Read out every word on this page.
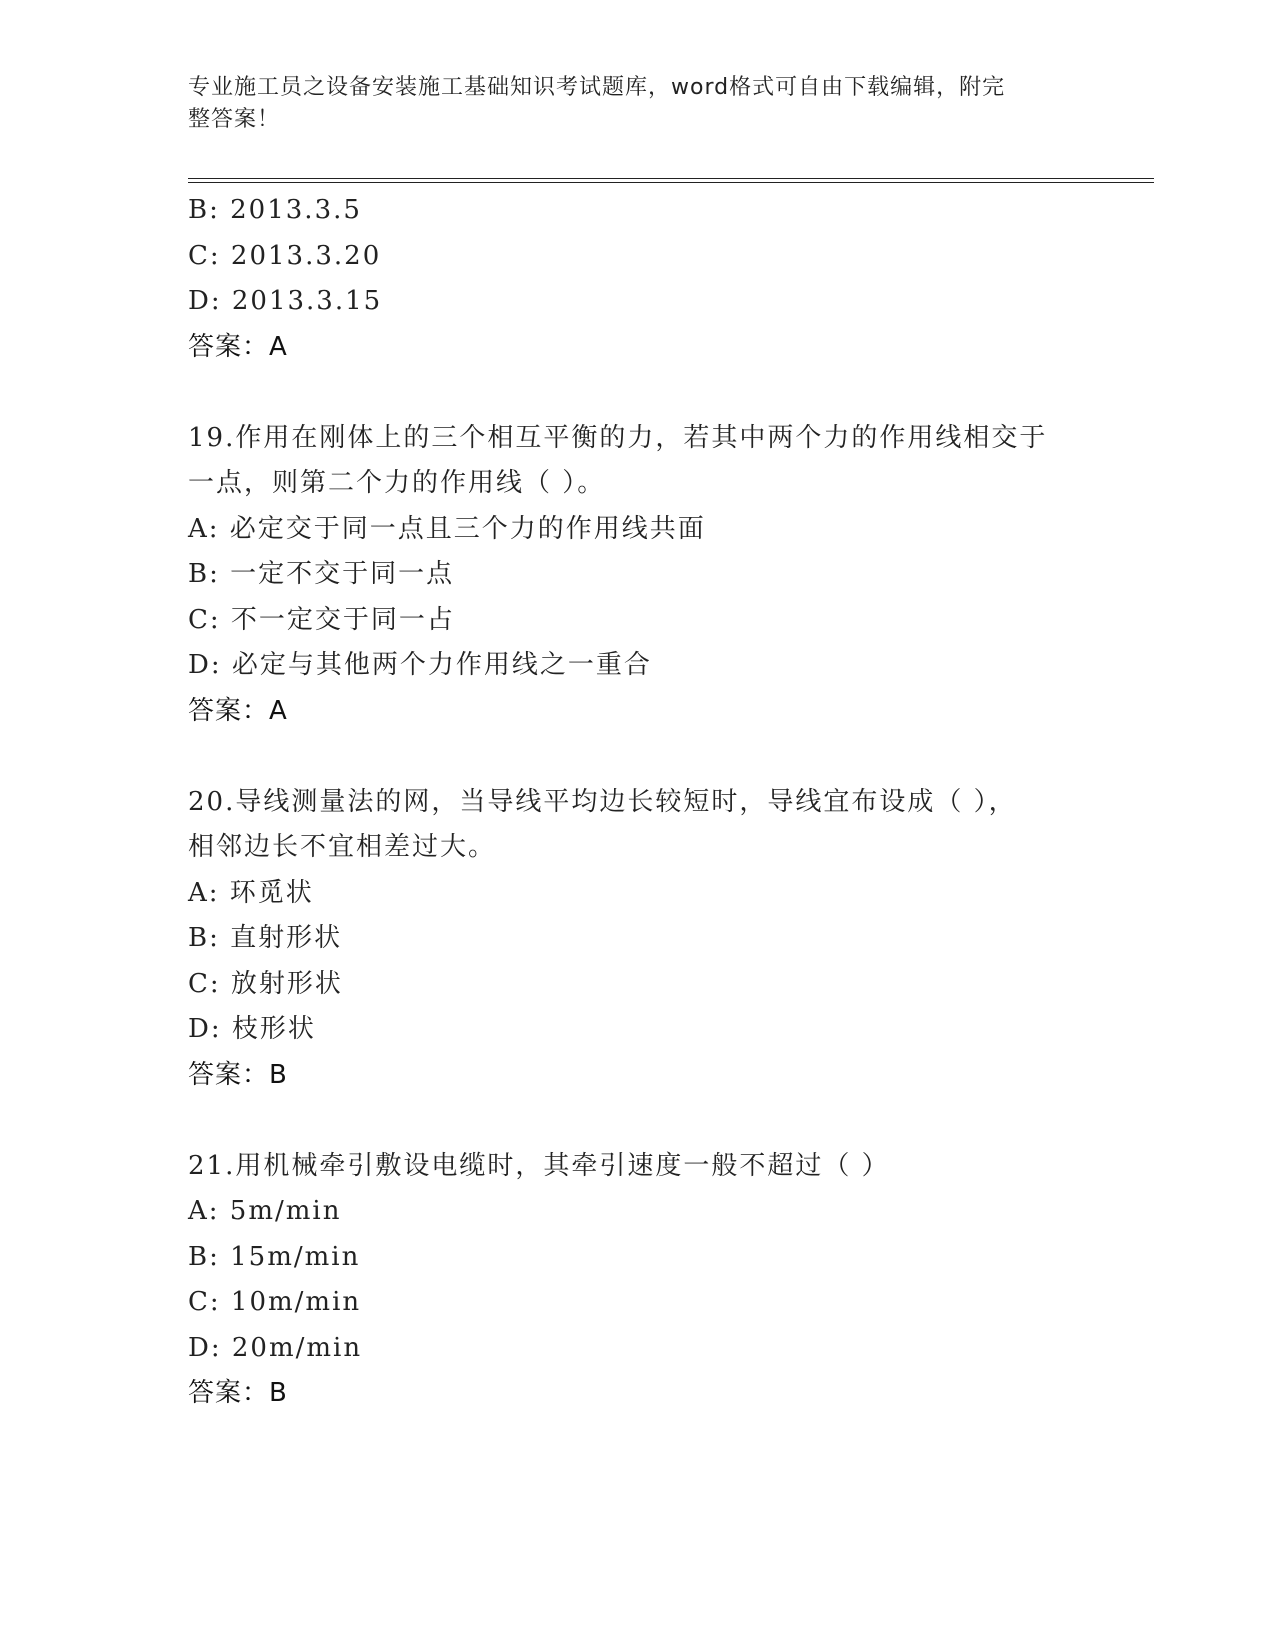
专业施工员之设备安装施工基础知识考试题库，word格式可自由下载编辑，附完
整答案！
B: 2013.3.5
C: 2013.3.20
D: 2013.3.15
答案：A
19.作用在刚体上的三个相互平衡的力，若其中两个力的作用线相交于
一点，则第二个力的作用线（ ）。
A: 必定交于同一点且三个力的作用线共面
B: 一定不交于同一点
C: 不一定交于同一占
D: 必定与其他两个力作用线之一重合
答案：A
20.导线测量法的网，当导线平均边长较短时，导线宜布设成（ ），
相邻边长不宜相差过大。
A: 环觅状
B: 直射形状
C: 放射形状
D: 枝形状
答案：B
21.用机械牵引敷设电缆时，其牵引速度一般不超过（ ）
A: 5m/min
B: 15m/min
C: 10m/min
D: 20m/min
答案：B
